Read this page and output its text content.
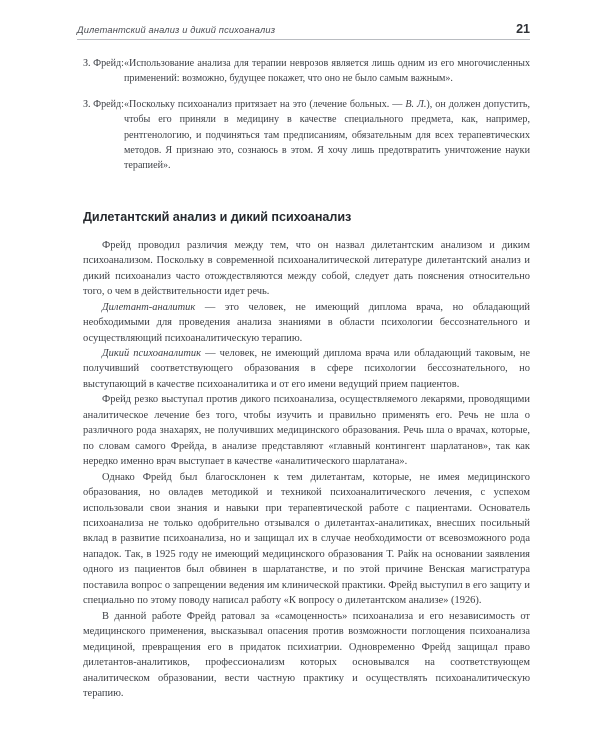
Дилетантский анализ и дикий психоанализ	21
З. Фрейд: «Использование анализа для терапии неврозов является лишь одним из его многочисленных применений: возможно, будущее покажет, что оно не было самым важным».
З. Фрейд: «Поскольку психоанализ притязает на это (лечение больных. — В. Л.), он должен допустить, чтобы его приняли в медицину в качестве специального предмета, как, например, рентгенологию, и подчиняться там предписаниям, обязательным для всех терапевтических методов. Я признаю это, сознаюсь в этом. Я хочу лишь предотвратить уничтожение науки терапией».
Дилетантский анализ и дикий психоанализ

Фрейд проводил различия между тем, что он назвал дилетантским анализом и диким психоанализом. Поскольку в современной психоаналитической литературе дилетантский анализ и дикий психоанализ часто отождествляются между собой, следует дать пояснения относительно того, о чем в действительности идет речь.

Дилетант-аналитик — это человек, не имеющий диплома врача, но обладающий необходимыми для проведения анализа знаниями в области психологии бессознательного и осуществляющий психоаналитическую терапию.

Дикий психоаналитик — человек, не имеющий диплома врача или обладающий таковым, не получивший соответствующего образования в сфере психологии бессознательного, но выступающий в качестве психоаналитика и от его имени ведущий прием пациентов.

Фрейд резко выступал против дикого психоанализа, осуществляемого лекарями, проводящими аналитическое лечение без того, чтобы изучить и правильно применять его. Речь не шла о различного рода знахарях, не получивших медицинского образования. Речь шла о врачах, которые, по словам самого Фрейда, в анализе представляют «главный контингент шарлатанов», так как нередко именно врач выступает в качестве «аналитического шарлатана».

Однако Фрейд был благосклонен к тем дилетантам, которые, не имея медицинского образования, но овладев методикой и техникой психоаналитического лечения, с успехом использовали свои знания и навыки при терапевтической работе с пациентами. Основатель психоанализа не только одобрительно отзывался о дилетантах-аналитиках, внесших посильный вклад в развитие психоанализа, но и защищал их в случае необходимости от всевозможного рода нападок. Так, в 1925 году не имеющий медицинского образования Т. Райк на основании заявления одного из пациентов был обвинен в шарлатанстве, и по этой причине Венская магистратура поставила вопрос о запрещении ведения им клинической практики. Фрейд выступил в его защиту и специально по этому поводу написал работу «К вопросу о дилетантском анализе» (1926).

В данной работе Фрейд ратовал за «самоценность» психоанализа и его независимость от медицинского применения, высказывал опасения против возможности поглощения психоанализа медициной, превращения его в придаток психиатрии. Одновременно Фрейд защищал право дилетантов-аналитиков, профессионализм которых основывался на соответствующем аналитическом образовании, вести частную практику и осуществлять психоаналитическую терапию.
